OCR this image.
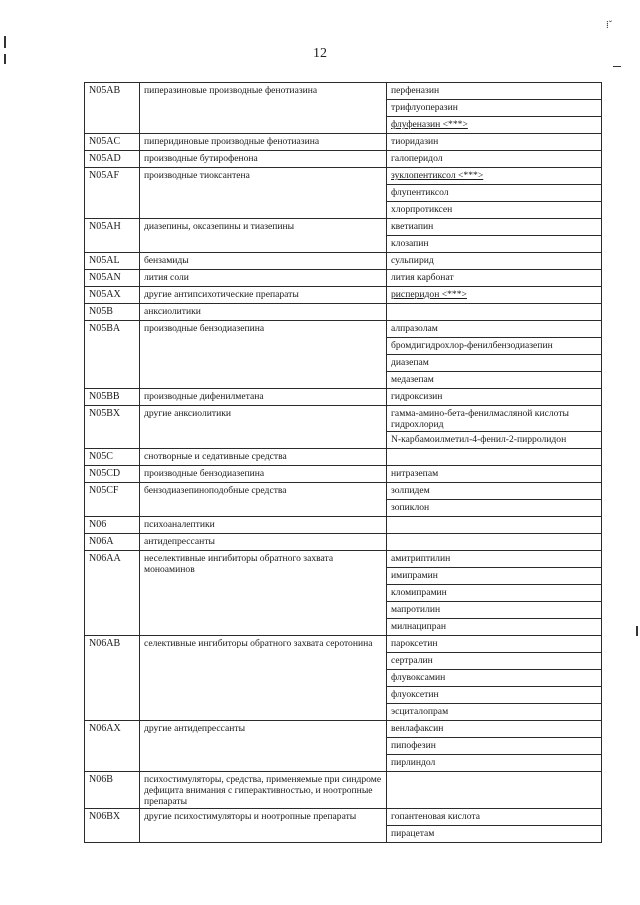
⁞ˇ
12
N05AB	пиперазиновые производные фенотиазина	перфеназин
		трифлуоперазин
		флуфеназин <***>
N05AC	пиперидиновые производные фенотиазина	тиоридазин
N05AD	производные бутирофенона	галоперидол
N05AF	производные тиоксантена	зуклопентиксол <***>
		флупентиксол
		хлорпротиксен
N05AH	диазепины, оксазепины и тиазепины	кветиапин
		клозапин
N05AL	бензамиды	сульпирид
N05AN	лития соли	лития карбонат
N05AX	другие антипсихотические препараты	рисперидон <***>
N05B	анксиолитики	
N05BA	производные бензодиазепина	алпразолам
		бромдигидрохлор-фенилбензодиазепин
		диазепам
		медазепам
N05BB	производные дифенилметана	гидроксизин
N05BX	другие анксиолитики	гамма-амино-бета-фенилмасляной кислоты гидрохлорид
		N-карбамоилметил-4-фенил-2-пирролидон
N05C	снотворные и седативные средства	
N05CD	производные бензодиазепина	нитразепам
N05CF	бензодиазепиноподобные средства	золпидем
		зопиклон
N06	психоаналептики	
N06A	антидепрессанты	
N06AA	неселективные ингибиторы обратного захвата моноаминов	амитриптилин
		имипрамин
		кломипрамин
		мапротилин
		милнаципран
N06AB	селективные ингибиторы обратного захвата серотонина	пароксетин
		сертралин
		флувоксамин
		флуоксетин
		эсциталопрам
N06AX	другие антидепрессанты	венлафаксин
		пипофезин
		пирлиндол
N06B	психостимуляторы, средства, применяемые при синдроме дефицита внимания с гиперактивностью, и ноотропные препараты	
N06BX	другие психостимуляторы и ноотропные препараты	гопантеновая кислота
		пирацетам
